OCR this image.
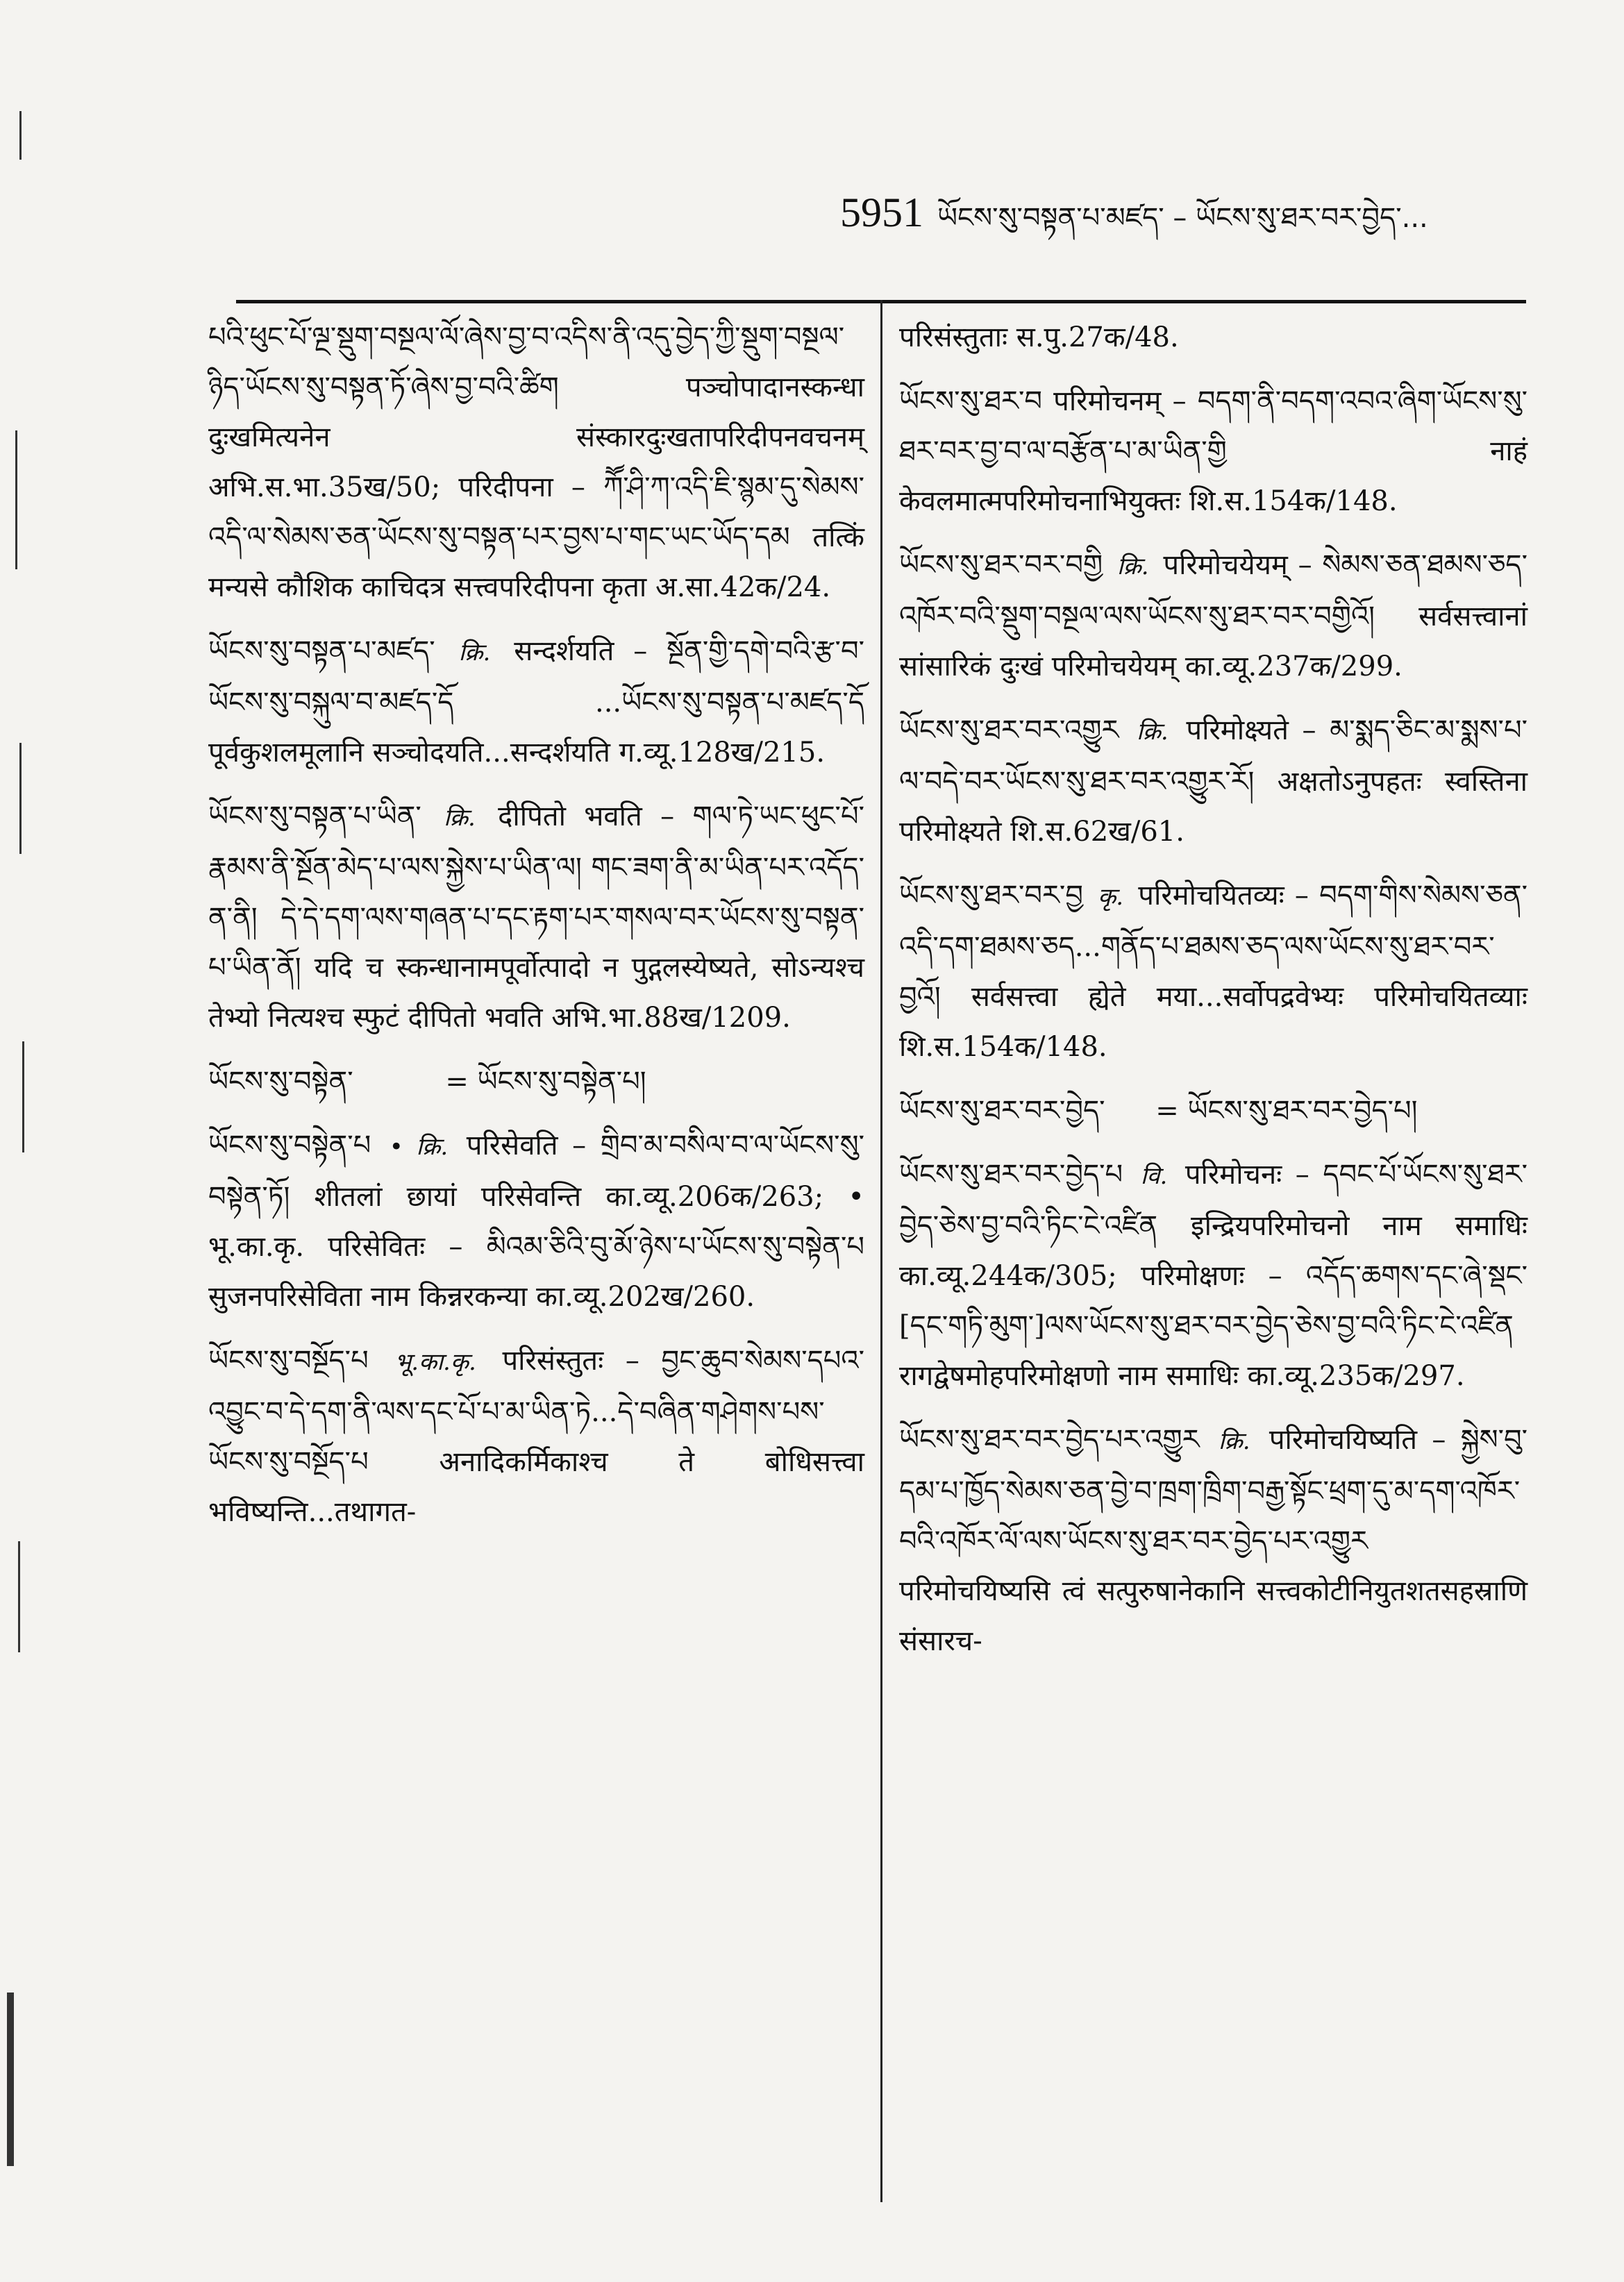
5951 ཡོངས་སུ་བསྟན་པ་མཛད་ – ཡོངས་སུ་ཐར་བར་བྱེད་...
པའི་ཕུང་པོ་ལྔ་སྡུག་བསྔལ་ལོ་ཞེས་བྱ་བ་འདིས་ནི་འདུ་བྱེད་ཀྱི་སྡུག་བསྔལ་ཉིད་ཡོངས་སུ་བསྟན་ཏོ་ཞེས་བྱ་བའི་ཚིག पञ्चोपादानस्कन्धा दुःखमित्यनेन संस्कारदुःखतापरिदीपनवचनम् अभि.स.भा.35ख/50; परिदीपना – ཀཽ་ཤི་ཀ་འདི་ཇི་སྙམ་དུ་སེམས་འདི་ལ་སེམས་ཅན་ཡོངས་སུ་བསྟན་པར་བྱས་པ་གང་ཡང་ཡོད་དམ तत्किं मन्यसे कौशिक काचिदत्र सत्त्वपरिदीपना कृता अ.सा.42क/24.
ཡོངས་སུ་བསྟན་པ་མཛད་ क्रि. सन्दर्शयति – སྔོན་གྱི་དགེ་བའི་རྩ་བ་ཡོངས་སུ་བསྐུལ་བ་མཛད་དོ ...ཡོངས་སུ་བསྟན་པ་མཛད་དོ पूर्वकुशलमूलानि सञ्चोदयति...सन्दर्शयति ग.व्यू.128ख/215.
ཡོངས་སུ་བསྟན་པ་ཡིན་ क्रि. दीपितो भवति – གལ་ཏེ་ཡང་ཕུང་པོ་རྣམས་ནི་སྔོན་མེད་པ་ལས་སྐྱེས་པ་ཡིན་ལ། གང་ཟག་ནི་མ་ཡིན་པར་འདོད་ན་ནི། དེ་དེ་དག་ལས་གཞན་པ་དང་རྟག་པར་གསལ་བར་ཡོངས་སུ་བསྟན་པ་ཡིན་ནོ། यदि च स्कन्धानामपूर्वोत्पादो न पुद्गलस्येष्यते, सोऽन्यश्च तेभ्यो नित्यश्च स्फुटं दीपितो भवति अभि.भा.88ख/1209.
ཡོངས་སུ་བསྟེན་	= ཡོངས་སུ་བསྟེན་པ།
ཡོངས་སུ་བསྟེན་པ • क्रि. परिसेवति – གྲིབ་མ་བསིལ་བ་ལ་ཡོངས་སུ་བསྟེན་ཏོ། शीतलां छायां परिसेवन्ति का.व्यू.206क/263; • भू.का.कृ. परिसेवितः – མིའམ་ཅིའི་བུ་མོ་ཉེས་པ་ཡོངས་སུ་བསྟེན་པ सुजनपरिसेविता नाम किन्नरकन्या का.व्यू.202ख/260.
ཡོངས་སུ་བསྔོད་པ भू.का.कृ. परिसंस्तुतः – བྱང་ཆུབ་སེམས་དཔའ་འབྱུང་བ་དེ་དག་ནི་ལས་དང་པོ་པ་མ་ཡིན་ཏེ...དེ་བཞིན་གཤེགས་པས་ཡོངས་སུ་བསྔོད་པ अनादिकर्मिकाश्च ते बोधिसत्त्वा भविष्यन्ति...तथागत-
परिसंस्तुताः स.पु.27क/48.
ཡོངས་སུ་ཐར་བ परिमोचनम् – བདག་ནི་བདག་འབའ་ཞིག་ཡོངས་སུ་ཐར་བར་བྱ་བ་ལ་བརྩོན་པ་མ་ཡིན་གྱི नाहं केवलमात्मपरिमोचनाभियुक्तः शि.स.154क/148.
ཡོངས་སུ་ཐར་བར་བགྱི क्रि. परिमोचयेयम् – སེམས་ཅན་ཐམས་ཅད་འཁོར་བའི་སྡུག་བསྔལ་ལས་ཡོངས་སུ་ཐར་བར་བགྱིའོ། सर्वसत्त्वानां सांसारिकं दुःखं परिमोचयेयम् का.व्यू.237क/299.
ཡོངས་སུ་ཐར་བར་འགྱུར क्रि. परिमोक्ष्यते – མ་སྨད་ཅིང་མ་སྨས་པ་ལ་བདེ་བར་ཡོངས་སུ་ཐར་བར་འགྱུར་རོ། अक्षतोऽनुपहतः स्वस्तिना परिमोक्ष्यते शि.स.62ख/61.
ཡོངས་སུ་ཐར་བར་བྱ कृ. परिमोचयितव्यः – བདག་གིས་སེམས་ཅན་འདི་དག་ཐམས་ཅད...གནོད་པ་ཐམས་ཅད་ལས་ཡོངས་སུ་ཐར་བར་བྱའོ། सर्वसत्त्वा ह्येते मया...सर्वोपद्रवेभ्यः परिमोचयितव्याः शि.स.154क/148.
ཡོངས་སུ་ཐར་བར་བྱེད་ = ཡོངས་སུ་ཐར་བར་བྱེད་པ།
ཡོངས་སུ་ཐར་བར་བྱེད་པ वि. परिमोचनः – དབང་པོ་ཡོངས་སུ་ཐར་བྱེད་ཅེས་བྱ་བའི་ཏིང་ངེ་འཛིན इन्द्रियपरिमोचनो नाम समाधिः का.व्यू.244क/305; परिमोक्षणः – འདོད་ཆགས་དང་ཞེ་སྡང་[དང་གཏི་མུག་]ལས་ཡོངས་སུ་ཐར་བར་བྱེད་ཅེས་བྱ་བའི་ཏིང་ངེ་འཛིན रागद्वेषमोहपरिमोक्षणो नाम समाधिः का.व्यू.235क/297.
ཡོངས་སུ་ཐར་བར་བྱེད་པར་འགྱུར क्रि. परिमोचयिष्यति – སྐྱེས་བུ་དམ་པ་ཁྱོད་སེམས་ཅན་བྱེ་བ་ཁྲག་ཁྲིག་བརྒྱ་སྟོང་ཕྲག་དུ་མ་དག་འཁོར་བའི་འཁོར་ལོ་ལས་ཡོངས་སུ་ཐར་བར་བྱེད་པར་འགྱུར परिमोचयिष्यसि त्वं सत्पुरुषानेकानि सत्त्वकोटीनियुतशतसहस्राणि संसारच-
